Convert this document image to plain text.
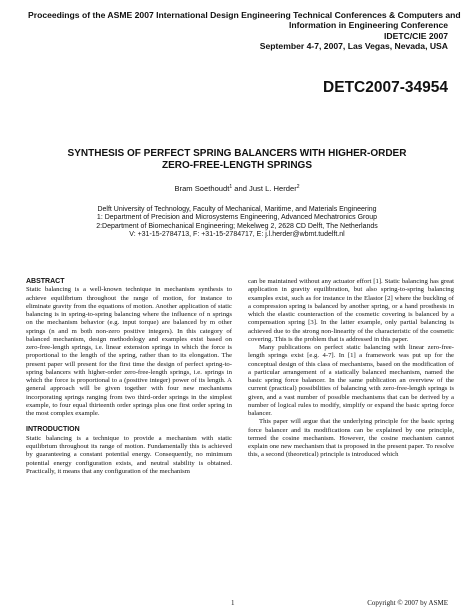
Proceedings of the ASME 2007 International Design Engineering Technical Conferences & Computers and
Information in Engineering Conference
IDETC/CIE 2007
September 4-7, 2007, Las Vegas, Nevada, USA
DETC2007-34954
SYNTHESIS OF PERFECT SPRING BALANCERS WITH HIGHER-ORDER
ZERO-FREE-LENGTH SPRINGS
Bram Soethoudt$^1$ and Just L. Herder$^2$
Delft University of Technology, Faculty of Mechanical, Maritime, and Materials Engineering
1: Department of Precision and Microsystems Engineering, Advanced Mechatronics Group
2:Department of Biomechanical Engineering; Mekelweg 2, 2628 CD Delft, The Netherlands
V: +31-15-2784713, F: +31-15-2784717, E: j.l.herder@wbmt.tudelft.nl

ABSTRACT

Static balancing is a well-known technique in mechanism synthesis to achieve equilibrium throughout the range of motion, for instance to eliminate gravity from the equations of motion. Another application of static balancing is in spring-to-spring balancing where the influence of n springs on the mechanism behavior (e.g. input torque) are balanced by m other springs (n and m both non-zero positive integers). In this category of balanced mechanism, design methodology and examples exist based on zero-free-length springs, i.e. linear extension springs in which the force is proportional to the length of the spring, rather than to its elongation. The present paper will present for the first time the design of perfect spring-to-spring balancers with higher-order zero-free-length springs, i.e. springs in which the force is proportional to a (positive integer) power of its length. A general approach will be given together with four new mechanisms incorporating springs ranging from two third-order springs in the simplest example, to four equal thirteenth order springs plus one first order spring in the most complex example.

INTRODUCTION

Static balancing is a technique to provide a mechanism with static equilibrium throughout its range of motion. Fundamentally this is achieved by guaranteeing a constant potential energy. Consequently, no minimum potential energy configuration exists, and neutral stability is obtained. Practically, it means that any configuration of the mechanism

can be maintained without any actuator effort [1]. Static balancing has great application in gravity equilibration, but also spring-to-spring balancing examples exist, such as for instance in the Elastor [2] where the buckling of a compression spring is balanced by another spring, or a hand prosthesis in which the elastic counteraction of the cosmetic covering is balanced by a compensation spring [3]. In the latter example, only partial balancing is achieved due to the strong non-linearity of the characteristic of the cosmetic covering. This is the problem that is addressed in this paper.

Many publications on perfect static balancing with linear zero-free-length springs exist [e.g. 4-7]. In [1] a framework was put up for the conceptual design of this class of mechanisms, based on the modification of a particular arrangement of a statically balanced mechanism, named the basic spring force balancer. In the same publication an overview of the current (practical) possibilities of balancing with zero-free-length springs is given, and a vast number of possible mechanisms that can be derived by a number of logical rules to modify, simplify or expand the basic spring force balancer.

This paper will argue that the underlying principle for the basic spring force balancer and its modifications can be explained by one principle, termed the cosine mechanism. However, the cosine mechanism cannot explain one new mechanism that is proposed in the present paper. To resolve this, a second (theoretical) principle is introduced which

1	Copyright © 2007 by ASME
